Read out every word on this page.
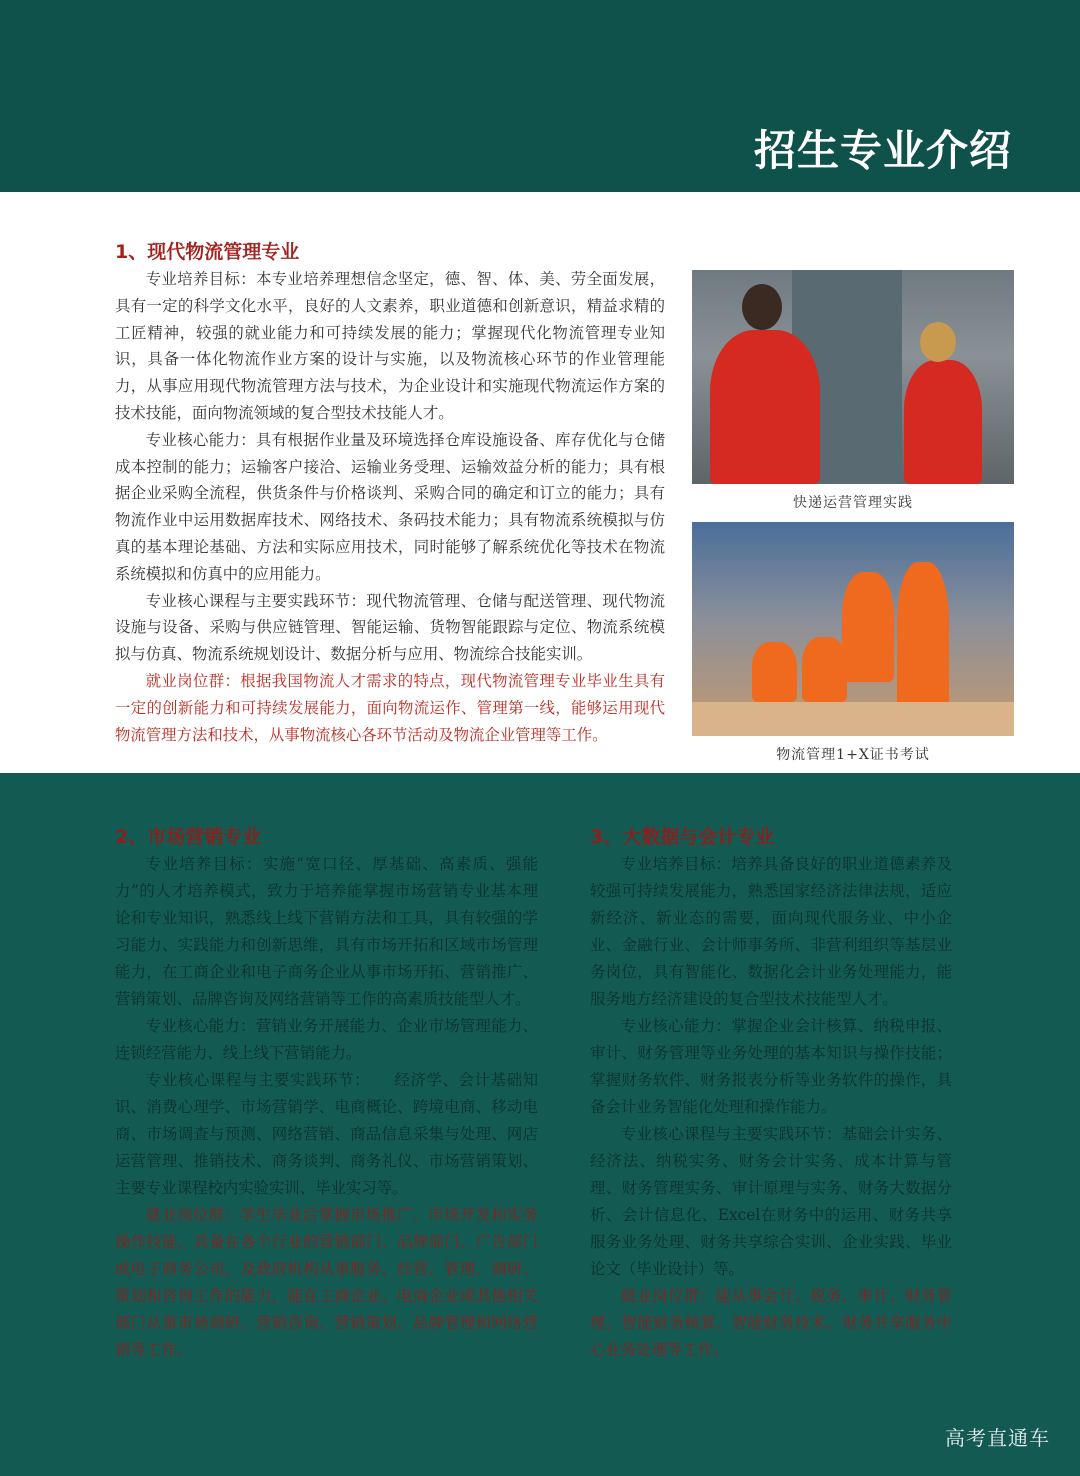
招生专业介绍
1、现代物流管理专业

专业培养目标：本专业培养理想信念坚定，德、智、体、美、劳全面发展，具有一定的科学文化水平，良好的人文素养，职业道德和创新意识，精益求精的工匠精神，较强的就业能力和可持续发展的能力；掌握现代化物流管理专业知识，具备一体化物流作业方案的设计与实施，以及物流核心环节的作业管理能力，从事应用现代物流管理方法与技术，为企业设计和实施现代物流运作方案的技术技能，面向物流领域的复合型技术技能人才。

专业核心能力：具有根据作业量及环境选择仓库设施设备、库存优化与仓储成本控制的能力；运输客户接洽、运输业务受理、运输效益分析的能力；具有根据企业采购全流程，供货条件与价格谈判、采购合同的确定和订立的能力；具有物流作业中运用数据库技术、网络技术、条码技术能力；具有物流系统模拟与仿真的基本理论基础、方法和实际应用技术，同时能够了解系统优化等技术在物流系统模拟和仿真中的应用能力。

专业核心课程与主要实践环节：现代物流管理、仓储与配送管理、现代物流设施与设备、采购与供应链管理、智能运输、货物智能跟踪与定位、物流系统模拟与仿真、物流系统规划设计、数据分析与应用、物流综合技能实训。

就业岗位群：根据我国物流人才需求的特点，现代物流管理专业毕业生具有一定的创新能力和可持续发展能力，面向物流运作、管理第一线，能够运用现代物流管理方法和技术，从事物流核心各环节活动及物流企业管理等工作。

快递运营管理实践
物流管理1+X证书考试
2、市场营销专业

专业培养目标：实施“宽口径、厚基础、高素质、强能力”的人才培养模式，致力于培养能掌握市场营销专业基本理论和专业知识，熟悉线上线下营销方法和工具，具有较强的学习能力、实践能力和创新思维，具有市场开拓和区域市场管理能力，在工商企业和电子商务企业从事市场开拓、营销推广、营销策划、品牌咨询及网络营销等工作的高素质技能型人才。

专业核心能力：营销业务开展能力、企业市场管理能力、连锁经营能力、线上线下营销能力。

专业核心课程与主要实践环节：　　经济学、会计基础知识、消费心理学、市场营销学、电商概论、跨境电商、移动电商、市场调查与预测、网络营销、商品信息采集与处理、网店运营管理、推销技术、商务谈判、商务礼仪、市场营销策划、主要专业课程校内实验实训、毕业实习等。

就业岗位群：学生毕业后掌握市场推广、市场开发和实务操作技能，具备在各个行业的营销部门、品牌部门、广告部门或电子商务公司，及政府机构从事服务、经营、管理、调研、策划和咨询工作的能力，能在工商企业、电商企业或其他相关部门从事市场调研、营销咨询、营销策划、品牌管理和网络营销等工作。

3、大数据与会计专业

专业培养目标：培养具备良好的职业道德素养及较强可持续发展能力，熟悉国家经济法律法规，适应新经济、新业态的需要，面向现代服务业、中小企业、金融行业、会计师事务所、非营利组织等基层业务岗位，具有智能化、数据化会计业务处理能力，能服务地方经济建设的复合型技术技能型人才。

专业核心能力：掌握企业会计核算、纳税申报、审计、财务管理等业务处理的基本知识与操作技能；掌握财务软件、财务报表分析等业务软件的操作，具备会计业务智能化处理和操作能力。

专业核心课程与主要实践环节：基础会计实务、经济法、纳税实务、财务会计实务、成本计算与管理、财务管理实务、审计原理与实务、财务大数据分析、会计信息化、Excel在财务中的运用、财务共享服务业务处理、财务共享综合实训、企业实践、毕业论文（毕业设计）等。

就业岗位群：能从事会计、税务、审计、财务管理、智能财务核算、智能财务技术、财务共享服务中心业务处理等工作。

高考直通车
